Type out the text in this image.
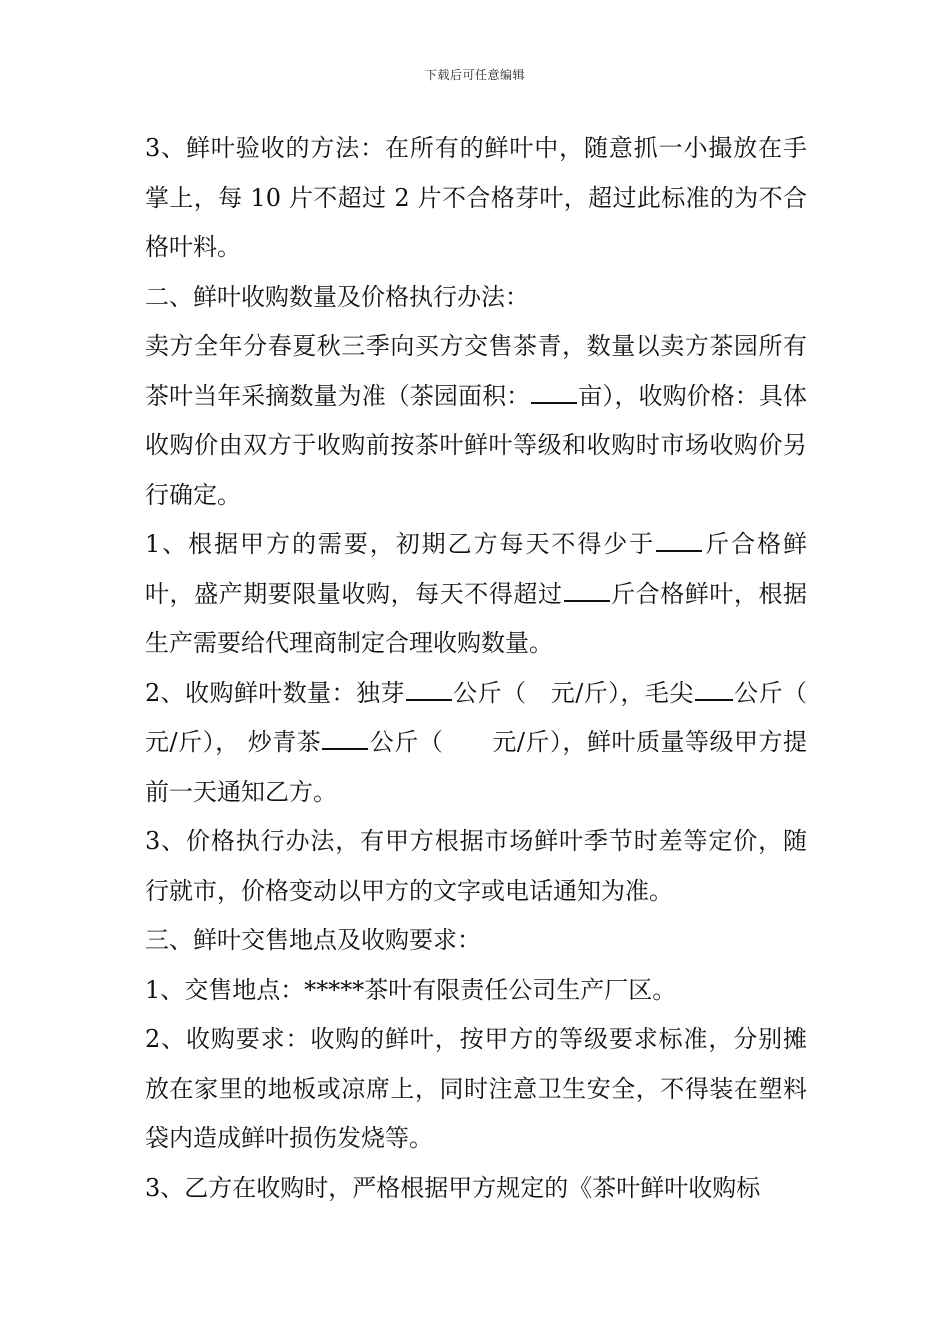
下载后可任意编辑

3、鲜叶验收的方法：在所有的鲜叶中，随意抓一小撮放在手掌上，每 10 片不超过 2 片不合格芽叶，超过此标准的为不合格叶料。

二、鲜叶收购数量及价格执行办法：

卖方全年分春夏秋三季向买方交售茶青，数量以卖方茶园所有茶叶当年采摘数量为准（茶园面积： 亩），收购价格：具体收购价由双方于收购前按茶叶鲜叶等级和收购时市场收购价另行确定。

1、根据甲方的需要，初期乙方每天不得少于 斤合格鲜叶，盛产期要限量收购，每天不得超过 斤合格鲜叶，根据生产需要给代理商制定合理收购数量。

2、收购鲜叶数量：独芽 公斤（　元/斤），毛尖 公斤（ 元/斤）， 炒青茶 公斤（　　元/斤），鲜叶质量等级甲方提前一天通知乙方。

3、价格执行办法，有甲方根据市场鲜叶季节时差等定价，随行就市，价格变动以甲方的文字或电话通知为准。

三、鲜叶交售地点及收购要求：

1、交售地点：*****茶叶有限责任公司生产厂区。

2、收购要求：收购的鲜叶，按甲方的等级要求标准，分别摊放在家里的地板或凉席上，同时注意卫生安全，不得装在塑料袋内造成鲜叶损伤发烧等。

3、乙方在收购时，严格根据甲方规定的《茶叶鲜叶收购标
